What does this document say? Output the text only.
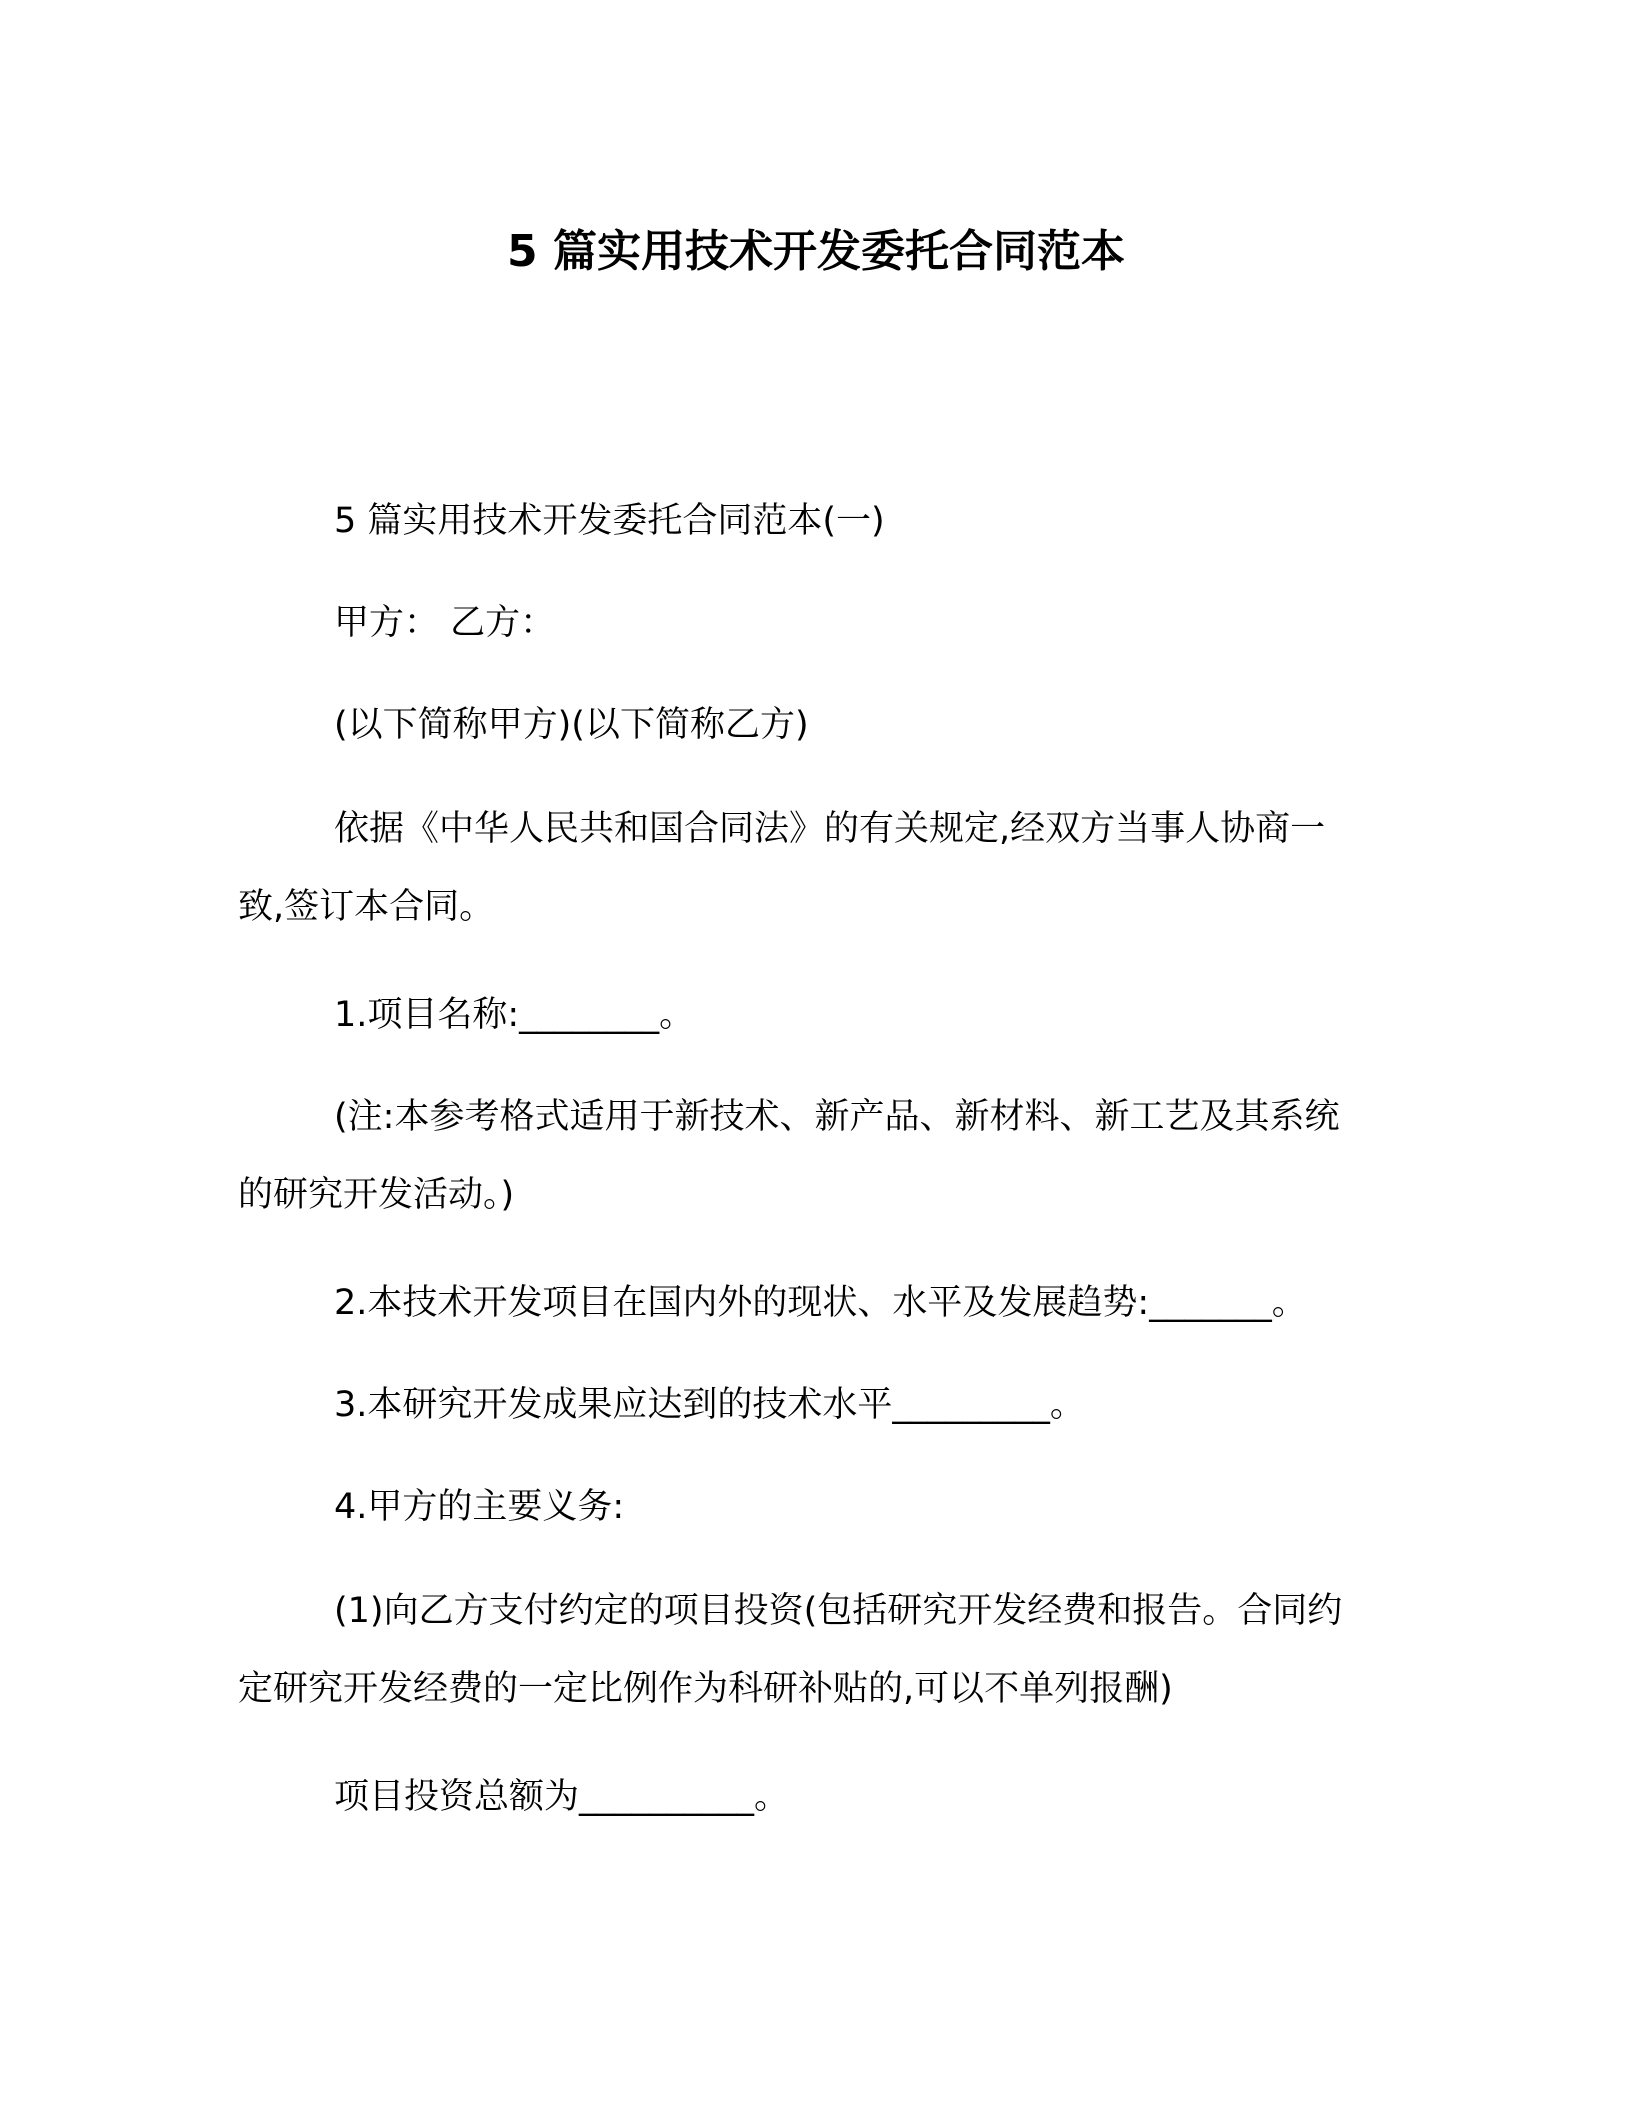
5 篇实用技术开发委托合同范本
5 篇实用技术开发委托合同范本(一)
甲方： 乙方：
(以下简称甲方)(以下简称乙方)
依据《中华人民共和国合同法》的有关规定,经双方当事人协商一致,签订本合同。
1.项目名称:________。
(注:本参考格式适用于新技术、新产品、新材料、新工艺及其系统的研究开发活动。)
2.本技术开发项目在国内外的现状、水平及发展趋势:_______。
3.本研究开发成果应达到的技术水平_________。
4.甲方的主要义务:
(1)向乙方支付约定的项目投资(包括研究开发经费和报告。合同约定研究开发经费的一定比例作为科研补贴的,可以不单列报酬)
项目投资总额为__________。
